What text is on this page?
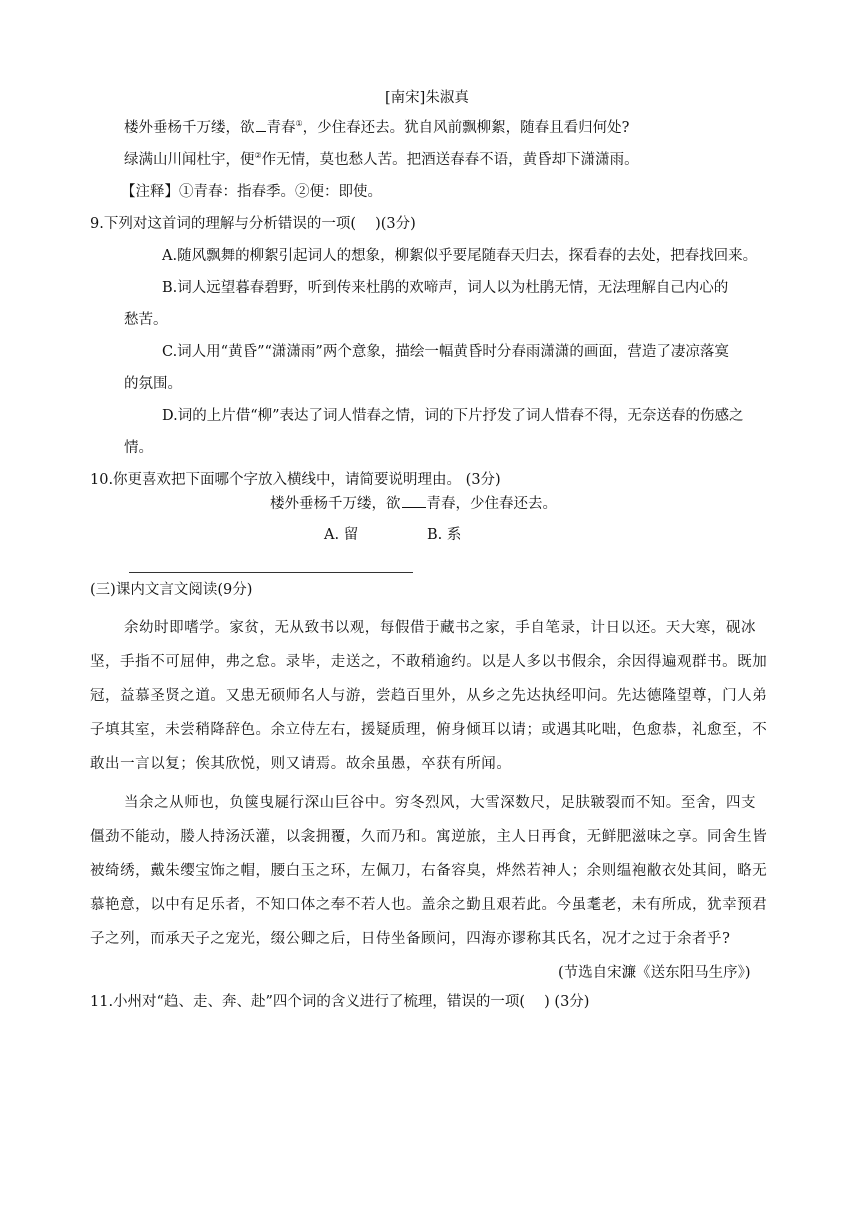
[南宋]朱淑真
楼外垂杨千万缕，欲 青春①，少住春还去。犹自风前飘柳絮，随春且看归何处?
绿满山川闻杜宇，便②作无情，莫也愁人苦。把酒送春春不语，黄昏却下潇潇雨。
【注释】①青春：指春季。②便：即使。
9.下列对这首词的理解与分析错误的一项(　 )(3分)
A.随风飘舞的柳絮引起词人的想象，柳絮似乎要尾随春天归去，探看春的去处，把春找回来。
B.词人远望暮春碧野，听到传来杜鹃的欢啼声，词人以为杜鹃无情，无法理解自己内心的
愁苦。
C.词人用“黄昏”“潇潇雨”两个意象，描绘一幅黄昏时分春雨潇潇的画面，营造了凄凉落寞
的氛围。
D.词的上片借“柳”表达了词人惜春之情，词的下片抒发了词人惜春不得，无奈送春的伤感之
情。
10.你更喜欢把下面哪个字放入横线中，请简要说明理由。 (3分)
楼外垂杨千万缕，欲 青春，少住春还去。
A. 留	B. 系
(三)课内文言文阅读(9分)
余幼时即嗜学。家贫，无从致书以观，每假借于藏书之家，手自笔录，计日以还。天大寒，砚冰
坚，手指不可屈伸，弗之怠。录毕，走送之，不敢稍逾约。以是人多以书假余，余因得遍观群书。既加
冠，益慕圣贤之道。又患无硕师名人与游，尝趋百里外，从乡之先达执经叩问。先达德隆望尊，门人弟
子填其室，未尝稍降辞色。余立侍左右，援疑质理，俯身倾耳以请；或遇其叱咄，色愈恭，礼愈至，不
敢出一言以复；俟其欣悦，则又请焉。故余虽愚，卒获有所闻。
当余之从师也，负箧曳屣行深山巨谷中。穷冬烈风，大雪深数尺，足肤皲裂而不知。至舍，四支
僵劲不能动，媵人持汤沃灌，以衾拥覆，久而乃和。寓逆旅，主人日再食，无鲜肥滋味之享。同舍生皆
被绮绣，戴朱缨宝饰之帽，腰白玉之环，左佩刀，右备容臭，烨然若神人；余则缊袍敝衣处其间，略无
慕艳意，以中有足乐者，不知口体之奉不若人也。盖余之勤且艰若此。今虽耄老，未有所成，犹幸预君
子之列，而承天子之宠光，缀公卿之后，日侍坐备顾问，四海亦谬称其氏名，况才之过于余者乎?
(节选自宋濂《送东阳马生序》)
11.小州对“趋、走、奔、赴”四个词的含义进行了梳理，错误的一项(　 ) (3分)
